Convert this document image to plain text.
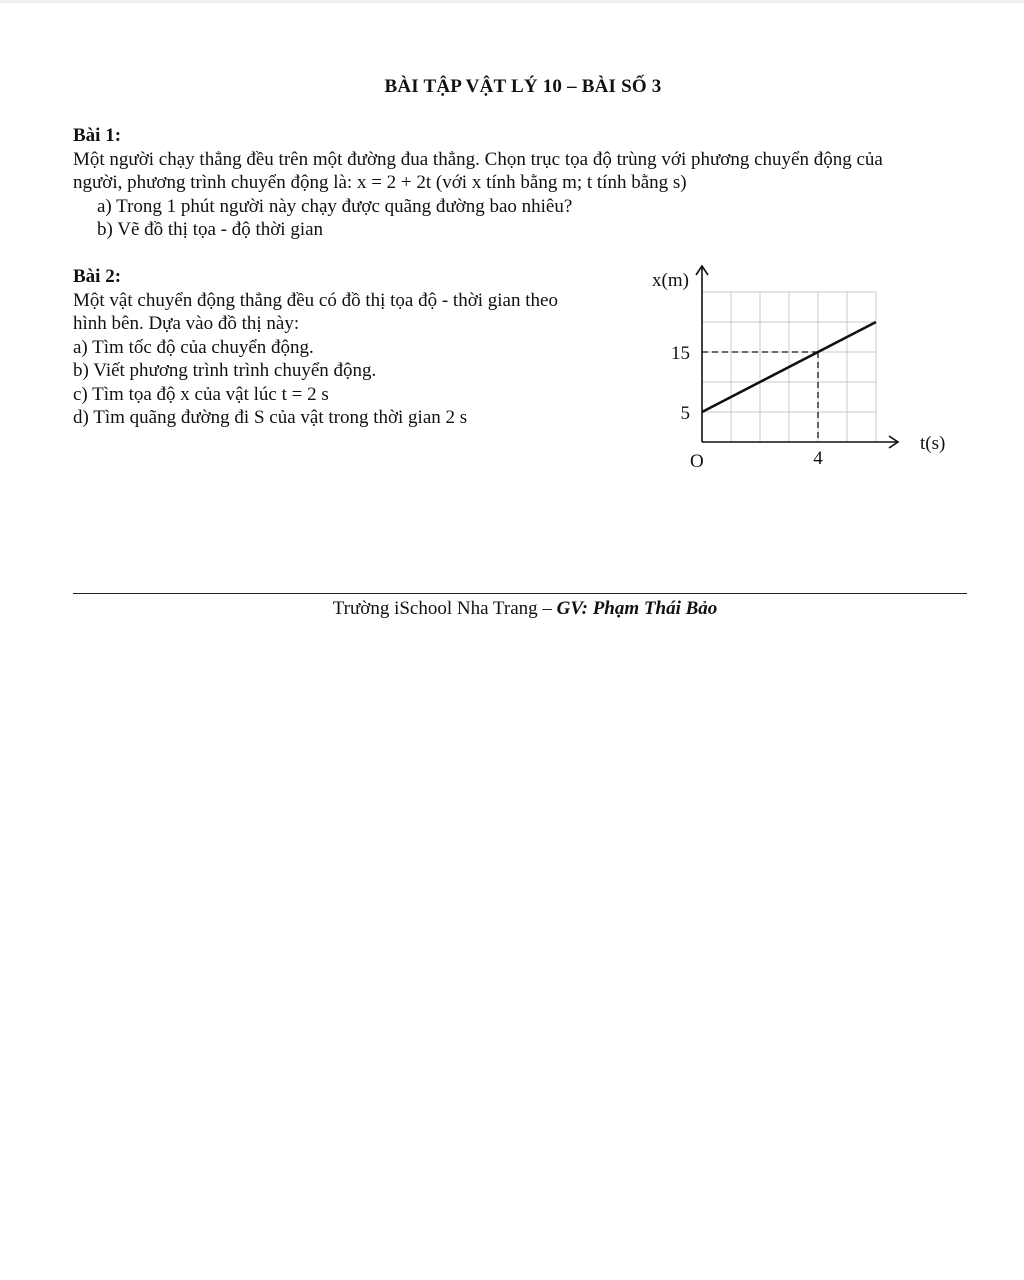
BÀI TẬP VẬT LÝ 10 – BÀI SỐ 3
Bài 1:
Một người chạy thẳng đều trên một đường đua thẳng. Chọn trục tọa độ trùng với phương chuyển động của
người, phương trình chuyển động là: x = 2 + 2t (với x tính bằng m; t tính bằng s)
a) Trong 1 phút người này chạy được quãng đường bao nhiêu?
b) Vẽ đồ thị tọa - độ thời gian
Bài 2:
Một vật chuyển động thẳng đều có đồ thị tọa độ - thời gian theo
hình bên. Dựa vào đồ thị này:
a) Tìm tốc độ của chuyển động.
b) Viết phương trình trình chuyển động.
c) Tìm tọa độ x của vật lúc t = 2 s
d) Tìm quãng đường đi S của vật trong thời gian 2 s
x(m)
t(s)
O	4
5
15
Trường iSchool Nha Trang – GV: Phạm Thái Bảo
